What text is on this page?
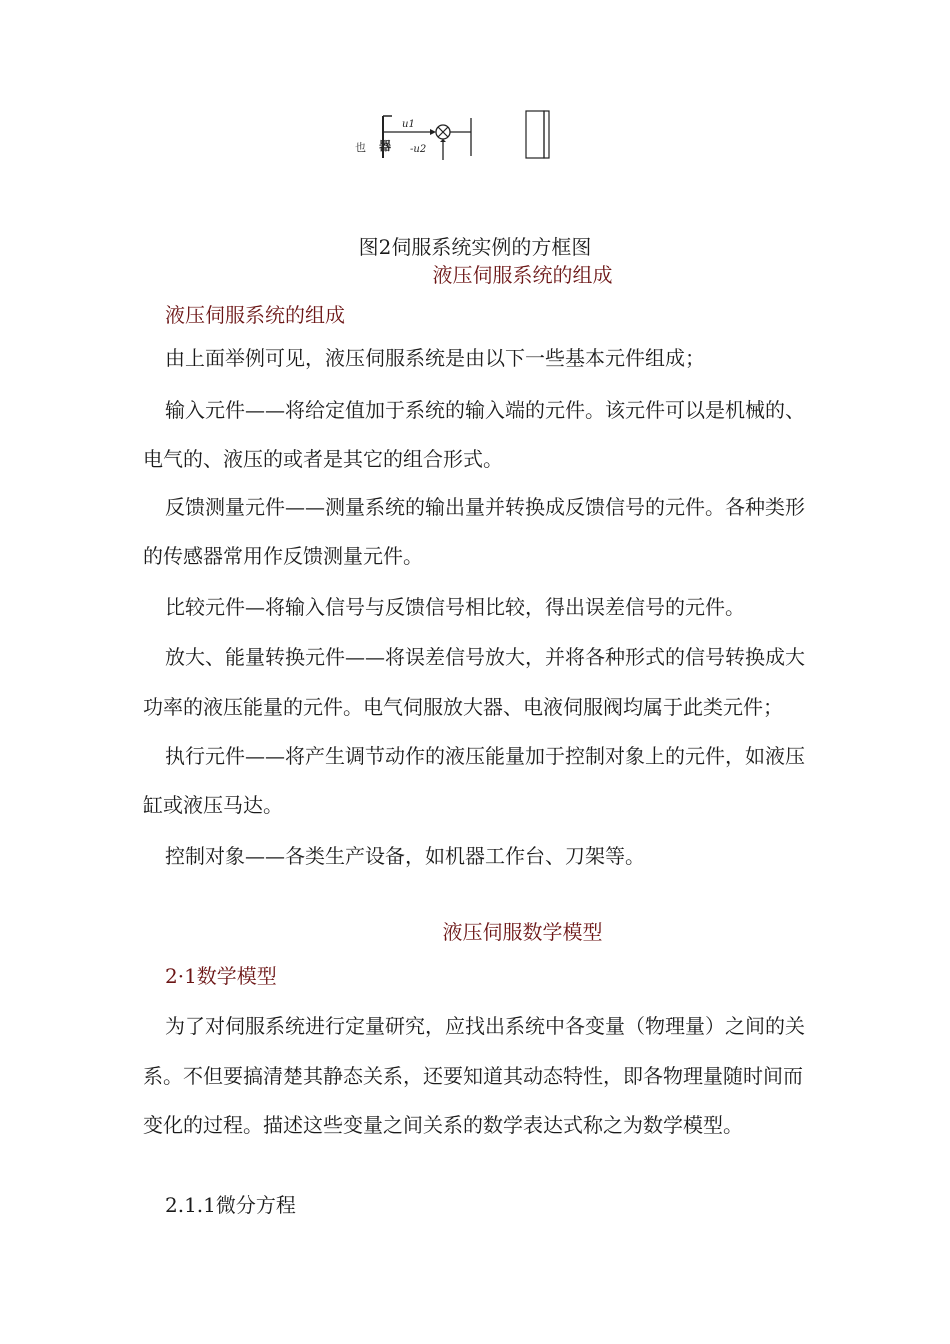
也 器
u1
-u2
图2伺服系统实例的方框图
液压伺服系统的组成
液压伺服系统的组成
由上面举例可见，液压伺服系统是由以下一些基本元件组成；
输入元件——将给定值加于系统的输入端的元件。该元件可以是机械的、
电气的、液压的或者是其它的组合形式。
反馈测量元件——测量系统的输出量并转换成反馈信号的元件。各种类形
的传感器常用作反馈测量元件。
比较元件—将输入信号与反馈信号相比较，得出误差信号的元件。
放大、能量转换元件——将误差信号放大，并将各种形式的信号转换成大
功率的液压能量的元件。电气伺服放大器、电液伺服阀均属于此类元件；
执行元件——将产生调节动作的液压能量加于控制对象上的元件，如液压
缸或液压马达。
控制对象——各类生产设备，如机器工作台、刀架等。
液压伺服数学模型
2·1数学模型
为了对伺服系统进行定量研究，应找出系统中各变量（物理量）之间的关
系。不但要搞清楚其静态关系，还要知道其动态特性，即各物理量随时间而
变化的过程。描述这些变量之间关系的数学表达式称之为数学模型。
2.1.1微分方程
